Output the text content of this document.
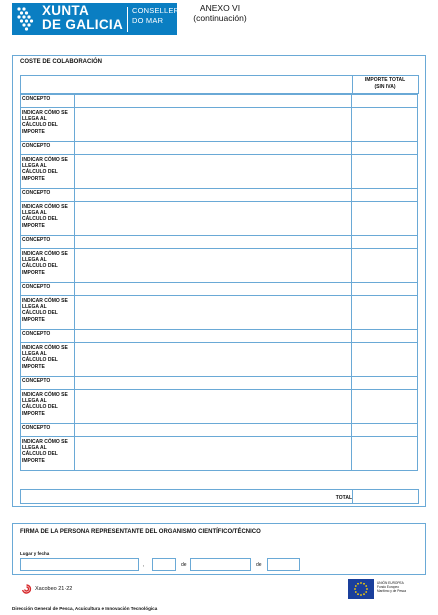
XUNTA
DE GALICIA
CONSELLERÍA
DO MAR
ANEXO VI
(continuación)
COSTE DE COLABORACIÓN
IMPORTE TOTAL
(SIN IVA)
CONCEPTO
INDICAR CÓMO SE
LLEGA AL
CÁLCULO DEL
IMPORTE
CONCEPTO
INDICAR CÓMO SE
LLEGA AL
CÁLCULO DEL
IMPORTE
CONCEPTO
INDICAR CÓMO SE
LLEGA AL
CÁLCULO DEL
IMPORTE
CONCEPTO
INDICAR CÓMO SE
LLEGA AL
CÁLCULO DEL
IMPORTE
CONCEPTO
INDICAR CÓMO SE
LLEGA AL
CÁLCULO DEL
IMPORTE
CONCEPTO
INDICAR CÓMO SE
LLEGA AL
CÁLCULO DEL
IMPORTE
CONCEPTO
INDICAR CÓMO SE
LLEGA AL
CÁLCULO DEL
IMPORTE
CONCEPTO
INDICAR CÓMO SE
LLEGA AL
CÁLCULO DEL
IMPORTE
TOTAL
FIRMA DE LA PERSONA REPRESENTANTE DEL ORGANISMO CIENTÍFICO/TÉCNICO
Lugar y fecha
,	de	de
Xacobeo 21·22
UNIÓN EUROPEA
Fondo Europeo
Marítimo y de Pesca
Dirección General de Pesca, Acuicultura e Innovación Tecnológica
